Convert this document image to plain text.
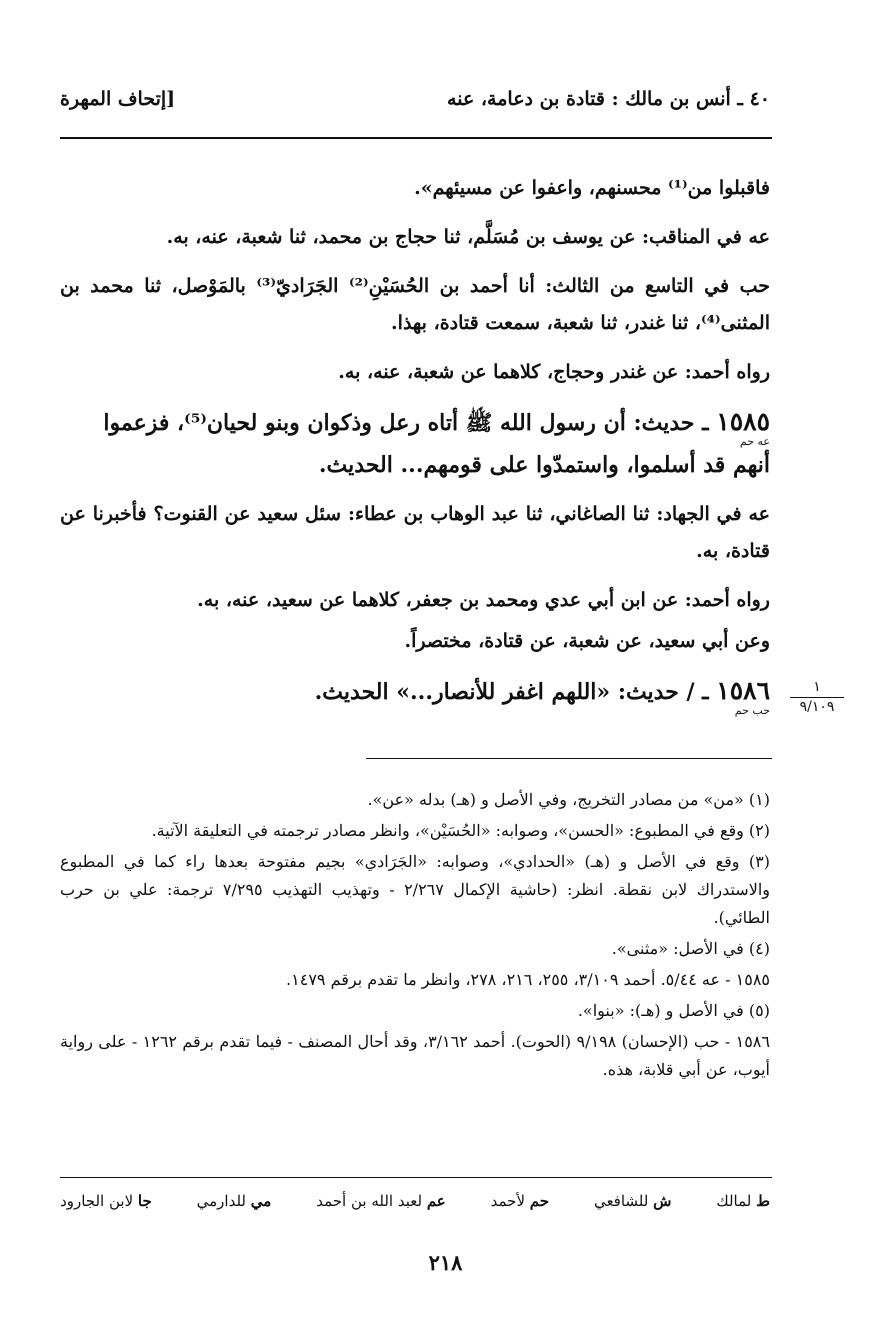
٤٠ ـ أنس بن مالك : قتادة بن دعامة، عنه
[إتحاف المهرة

فاقبلوا من⁽¹⁾ محسنهم، واعفوا عن مسيئهم».

عه في المناقب: عن يوسف بن مُسَلَّم، ثنا حجاج بن محمد، ثنا شعبة، عنه، به.

حب في التاسع من الثالث: أنا أحمد بن الحُسَيْنِ⁽²⁾ الجَرَاديّ⁽³⁾ بالمَوْصل، ثنا محمد بن المثنى⁽⁴⁾، ثنا غندر، ثنا شعبة، سمعت قتادة، بهذا.

رواه أحمد: عن غندر وحجاج، كلاهما عن شعبة، عنه، به.

١٥٨٥ ـ حديث: أن رسول الله ﷺ أتاه رعل وذكوان وبنو لحيان⁽⁵⁾، فزعموا
عه حم
أنهم قد أسلموا، واستمدّوا على قومهم... الحديث.

عه في الجهاد: ثنا الصاغاني، ثنا عبد الوهاب بن عطاء: سئل سعيد عن القنوت؟ فأخبرنا عن قتادة، به.

رواه أحمد: عن ابن أبي عدي ومحمد بن جعفر، كلاهما عن سعيد، عنه، به.

وعن أبي سعيد، عن شعبة، عن قتادة، مختصراً.

١٥٨٦ ـ / حديث: «اللهم اغفر للأنصار...» الحديث.
حب حم

١
٩/١٠٩

(١) «من» من مصادر التخريج، وفي الأصل و (هـ) بدله «عن».

(٢) وقع في المطبوع: «الحسن»، وصوابه: «الحُسَيْن»، وانظر مصادر ترجمته في التعليقة الآتية.

(٣) وقع في الأصل و (هـ) «الحدادي»، وصوابه: «الجَرَادي» بجيم مفتوحة بعدها راء كما في المطبوع والاستدراك لابن نقطة. انظر: (حاشية الإكمال ٢/٢٦٧ - وتهذيب التهذيب ٧/٢٩٥ ترجمة: علي بن حرب الطائي).

(٤) في الأصل: «مثنى».

١٥٨٥ - عه ٥/٤٤. أحمد ٣/١٠٩، ٢٥٥، ٢١٦، ٢٧٨، وانظر ما تقدم برقم ١٤٧٩.

(٥) في الأصل و (هـ): «بنوا».

١٥٨٦ - حب (الإحسان) ٩/١٩٨ (الحوت). أحمد ٣/١٦٢، وقد أحال المصنف - فيما تقدم برقم ١٢٦٢ - على رواية أيوب، عن أبي قلابة، هذه.

ط لمالك
ش للشافعي
حم لأحمد
عم لعبد الله بن أحمد
مي للدارمي
جا لابن الجارود
٢١٨
